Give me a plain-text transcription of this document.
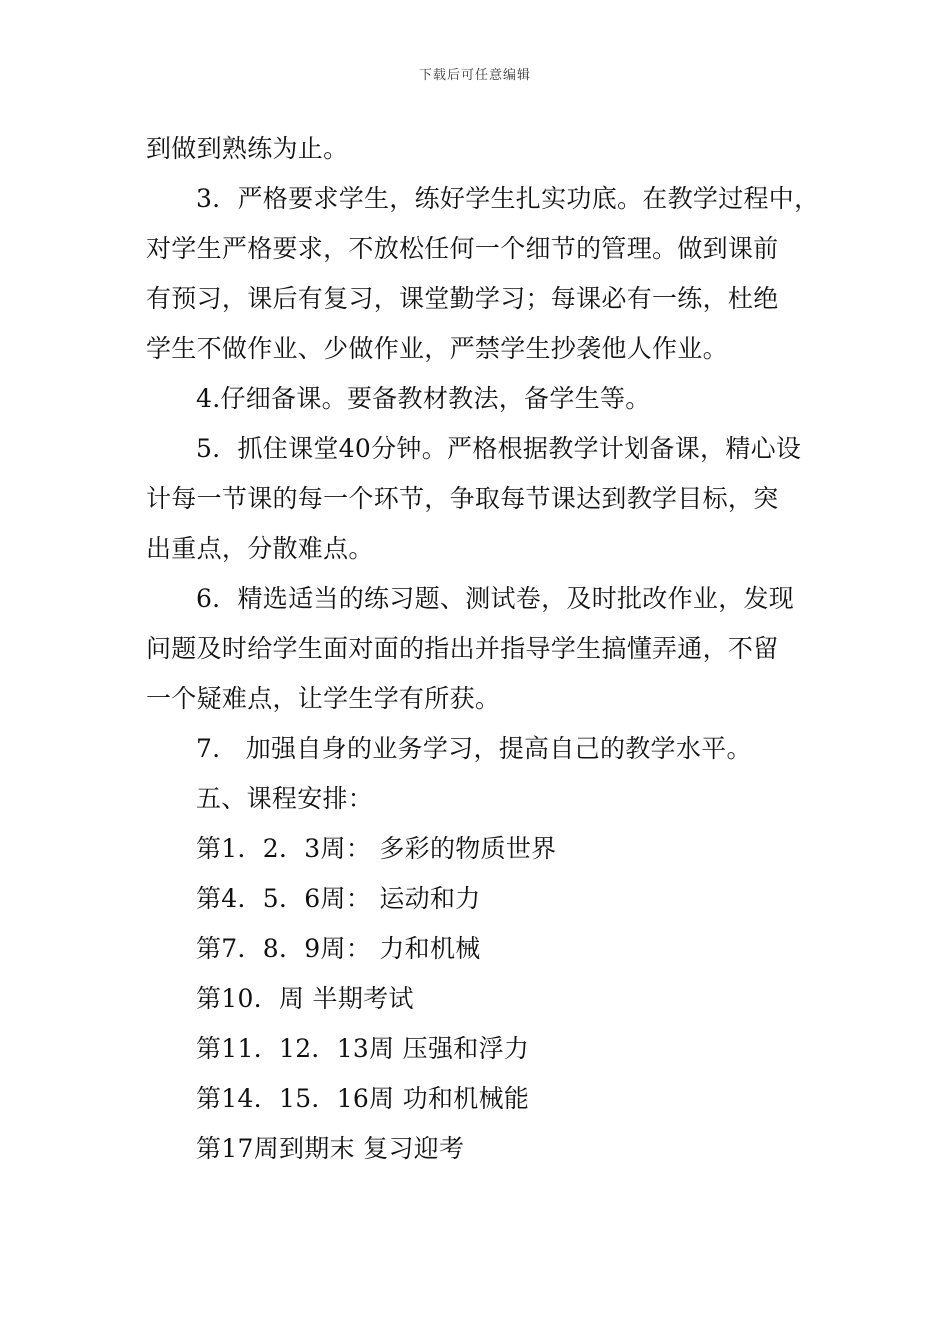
下载后可任意编辑
到做到熟练为止。
3．严格要求学生，练好学生扎实功底。在教学过程中，
对学生严格要求，不放松任何一个细节的管理。做到课前
有预习，课后有复习，课堂勤学习；每课必有一练，杜绝
学生不做作业、少做作业，严禁学生抄袭他人作业。
4.仔细备课。要备教材教法，备学生等。
5．抓住课堂40分钟。严格根据教学计划备课，精心设
计每一节课的每一个环节，争取每节课达到教学目标，突
出重点，分散难点。
6．精选适当的练习题、测试卷，及时批改作业，发现
问题及时给学生面对面的指出并指导学生搞懂弄通，不留
一个疑难点，让学生学有所获。
7． 加强自身的业务学习，提高自己的教学水平。
五、课程安排：
第1．2．3周： 多彩的物质世界
第4．5．6周： 运动和力
第7．8．9周： 力和机械
第10．周 半期考试
第11．12．13周 压强和浮力
第14．15．16周 功和机械能
第17周到期末 复习迎考
